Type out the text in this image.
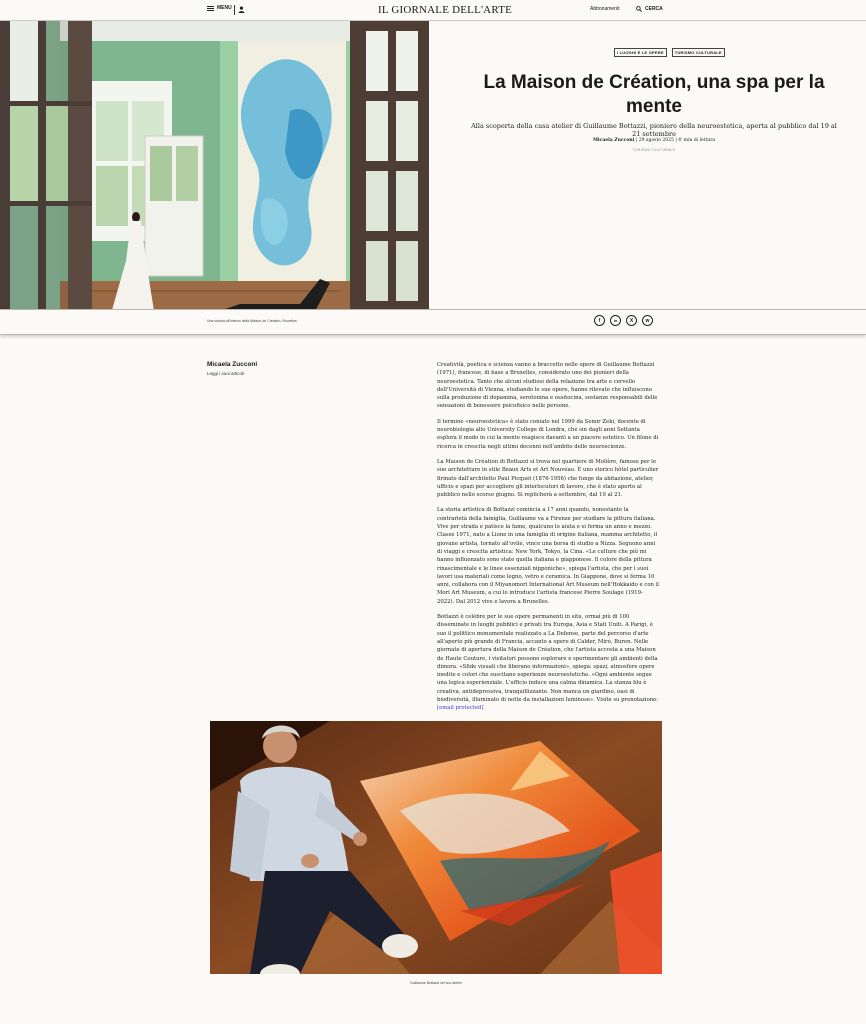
MENU	IL GIORNALE DELL'ARTE	Abbonamenti	CERCA
I LUOGHI E LE OPERE	TURISMO CULTURALE
La Maison de Création, una spa per la mente
Alla scoperta della casa atelier di Guillaume Bottazzi, pioniere della neuroestetica, aperta al pubblico dal 19 al 21 settembre
Micaela Zucconi | 29 agosto 2025 | 4' min di lettura
TURISMO CULTURALE
Una veduta all'interno della Maison de Création, Bruxelles	f	in	X w
Micaela Zucconi
Leggi i suoi articoli

Creatività, poetica e scienza vanno a braccetto nelle opere di Guillaume Bottazzi (1971), francese, di base a Bruxelles, considerato uno dei pionieri della neuroestetica. Tanto che alcuni studiosi della relazione tra arte e cervello dell'Università di Vienna, studiando le sue opere, hanno rilevato che influiscono sulla produzione di dopamina, serotonina e ossitocina, sostanze responsabili delle sensazioni di benessere psicofisico nelle persone.

Il termine «neuroestetica» è stato coniato nel 1999 da Semir Zeki, docente di neurobiologia allo University College di Londra, che sin dagli anni Settanta esplora il modo in cui la mente reagisce davanti a un piacere estetico. Un filone di ricerca in crescita negli ultimi decenni nell'ambito delle neuroscienze.

La Maison de Création di Bottazzi si trova nel quartiere di Molière, famoso per le sue architetture in stile Beaux Arts et Art Nouveau. È uno storico hôtel particulier firmato dall'architetto Paul Picquet (1876-1956) che funge da abitazione, atelier, ufficio e spazi per accogliere gli interlocutori di lavoro, che è stato aperto al pubblico nello scorso giugno. Si replicherà a settembre, dal 19 al 21.

La storia artistica di Bottazzi comincia a 17 anni quando, nonostante la contrarietà della famiglia, Guillaume va a Firenze per studiare la pittura italiana. Vive per strada e patisce la fame, qualcuno lo aiuta e si ferma un anno e mezzo. Classe 1971, nato a Lione in una famiglia di origine italiana, mamma architetto, il giovane artista, tornato all'ovile, vince una borsa di studio a Nizza. Seguono anni di viaggi e crescita artistica: New York, Tokyo, la Cina. «Le culture che più mi hanno influenzato sono state quella italiana e giapponese. Il colore della pittura rinascimentale e le linee essenziali nipponiche», spiega l'artista, che per i suoi lavori usa materiali come legno, vetro e ceramica. In Giappone, dove si ferma 10 anni, collabora con il Miyanomori International Art Museum nell'Hokkaido e con il Mori Art Museum, a cui lo introduce l'artista francese Pierre Soulage (1919-2022). Dal 2012 vive e lavora a Bruxelles.

Bottazzi è celebre per le sue opere permanenti in situ, ormai più di 100 disseminate in luoghi pubblici e privati tra Europa, Asia e Stati Uniti. A Parigi, è suo il polittico monumentale realizzato a La Defense, parte del percorso d'arte all'aperto più grande di Francia, accanto a opere di Calder, Miró, Buren. Nelle giornate di apertura della Maison de Création, che l'artista accosta a una Maison de Haute Couture, i visitatori possono esplorare e sperimentare gli ambienti della dimora. «Sfide visuali che liberano informazioni», spiega: spazi, atmosfere opere inedite e colori che suscitano esperienze neuroestetiche. «Ogni ambiente segue una logica esperienziale. L'ufficio induce una calma dinamica. La stanza blu è creativa, antidepressiva, tranquillizzante. Non manca un giardino, oasi di biodiversità, illuminato di notte da installazioni luminose». Visite su prenotazione: [email protected]

Guillaume Bottazzi nel suo atelier
